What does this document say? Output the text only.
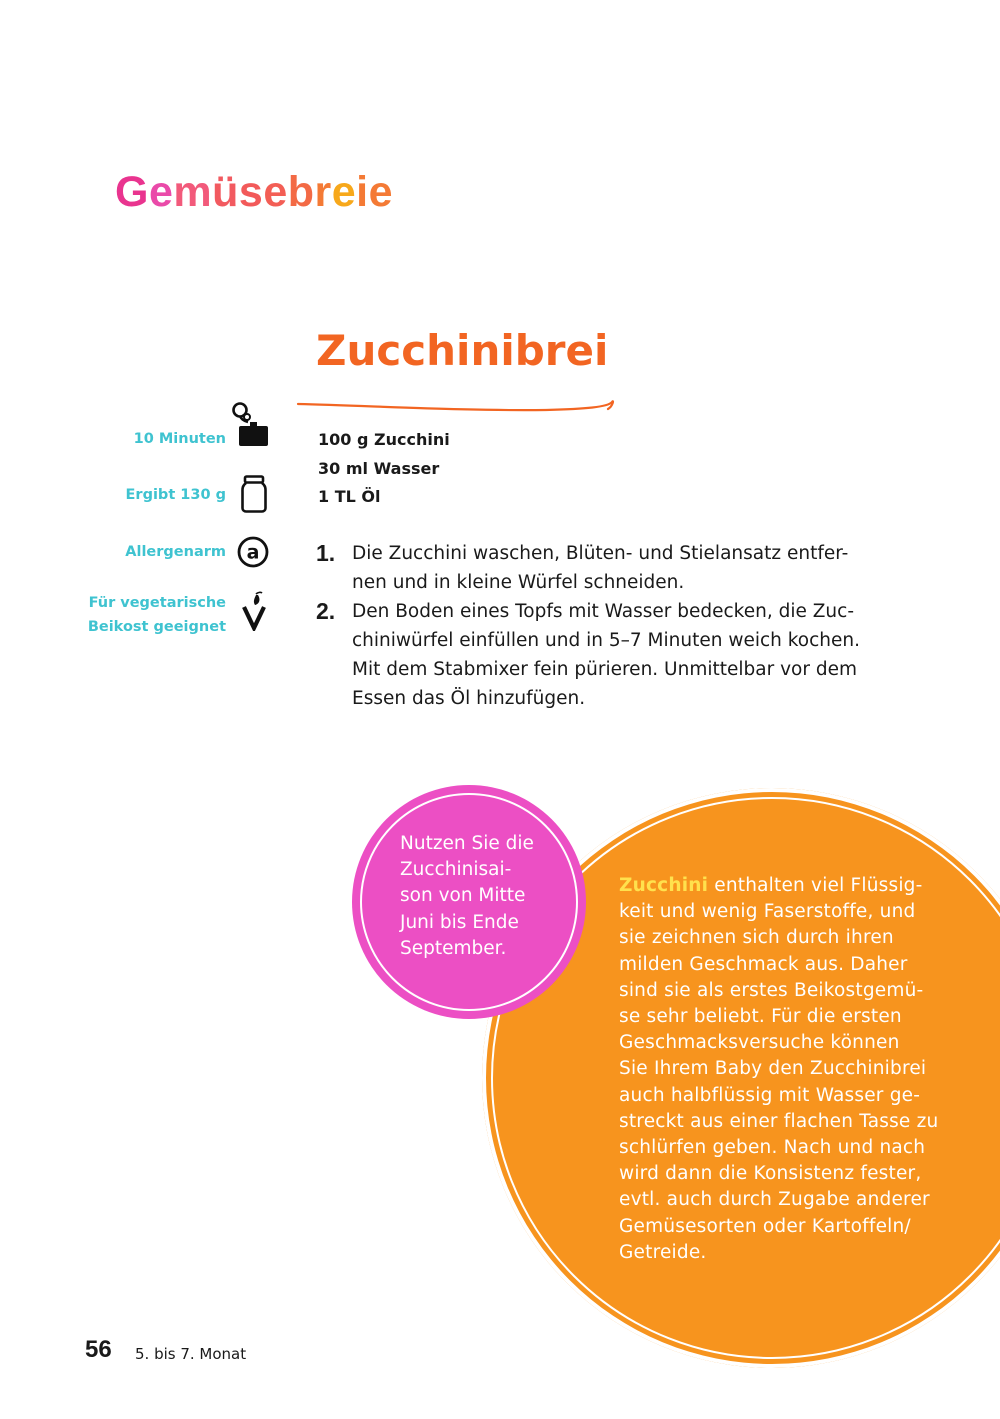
Gemüsebreie
Zucchinibrei
10 Minuten
Ergibt 130 g
Allergenarm a
Für vegetarische
Beikost geeignet
100 g Zucchini
30 ml Wasser
1 TL Öl
1. Die Zucchini waschen, Blüten- und Stielansatz entfer-
nen und in kleine Würfel schneiden.
2. Den Boden eines Topfs mit Wasser bedecken, die Zuc-
chiniwürfel einfüllen und in 5–7 Minuten weich kochen.
Mit dem Stabmixer fein pürieren. Unmittelbar vor dem
Essen das Öl hinzufügen.
Zucchini enthalten viel Flüssig-
keit und wenig Faserstoffe, und
sie zeichnen sich durch ihren
milden Geschmack aus. Daher
sind sie als erstes Beikostgemü-
se sehr beliebt. Für die ersten
Geschmacksversuche können
Sie Ihrem Baby den Zucchinibrei
auch halbflüssig mit Wasser ge-
streckt aus einer flachen Tasse zu
schlürfen geben. Nach und nach
wird dann die Konsistenz fester,
evtl. auch durch Zugabe anderer
Gemüsesorten oder Kartoffeln/
Getreide.
Nutzen Sie die
Zucchinisai-
son von Mitte
Juni bis Ende
September.
56 5. bis 7. Monat
